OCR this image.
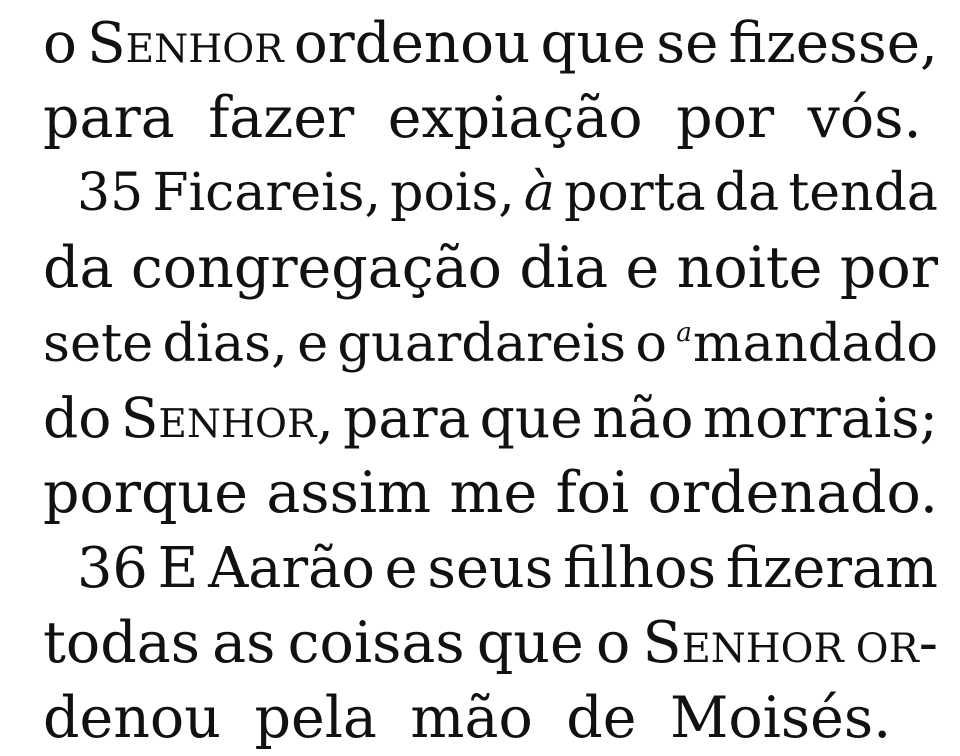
o Senhor ordenou que se fizesse,
para fazer expiação por vós.
35 Ficareis, pois, à porta da tenda
da congregação dia e noite por
sete dias, e guardareis o $^a$mandado
do Senhor, para que não morrais;
porque assim me foi ordenado.
36 E Aarão e seus filhos fizeram
todas as coisas que o Senhor or-
denou pela mão de Moisés.
